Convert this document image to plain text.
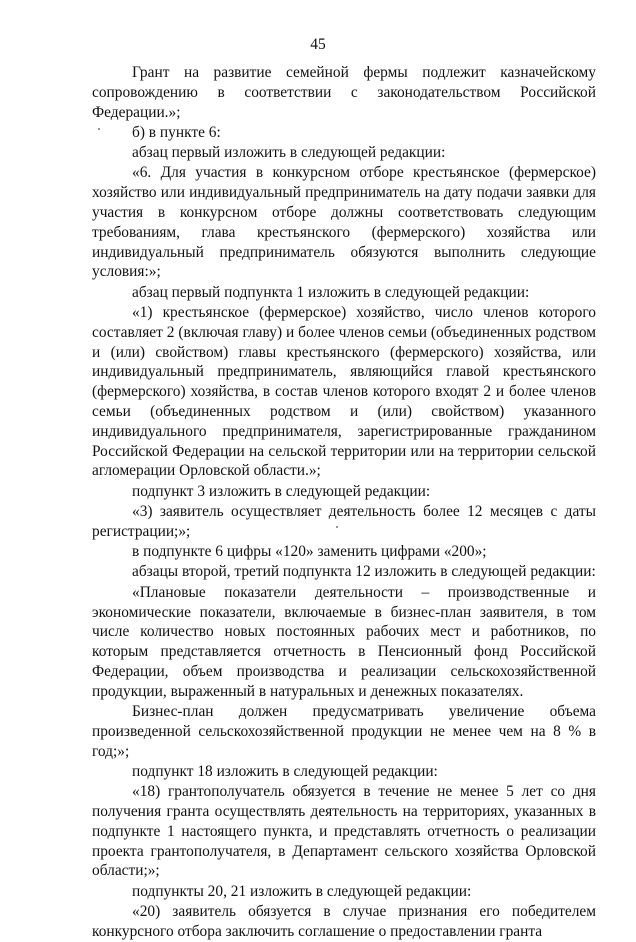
45

Грант на развитие семейной фермы подлежит казначейскому сопровождению в соответствии с законодательством Российской Федерации.»;

б) в пункте 6:

абзац первый изложить в следующей редакции:

«6. Для участия в конкурсном отборе крестьянское (фермерское) хозяйство или индивидуальный предприниматель на дату подачи заявки для участия в конкурсном отборе должны соответствовать следующим требованиям, глава крестьянского (фермерского) хозяйства или индивидуальный предприниматель обязуются выполнить следующие условия:»;

абзац первый подпункта 1 изложить в следующей редакции:

«1) крестьянское (фермерское) хозяйство, число членов которого составляет 2 (включая главу) и более членов семьи (объединенных родством и (или) свойством) главы крестьянского (фермерского) хозяйства, или индивидуальный предприниматель, являющийся главой крестьянского (фермерского) хозяйства, в состав членов которого входят 2 и более членов семьи (объединенных родством и (или) свойством) указанного индивидуального предпринимателя, зарегистрированные гражданином Российской Федерации на сельской территории или на территории сельской агломерации Орловской области.»;

подпункт 3 изложить в следующей редакции:

«3) заявитель осуществляет деятельность более 12 месяцев с даты регистрации;»;

в подпункте 6 цифры «120» заменить цифрами «200»;

абзацы второй, третий подпункта 12 изложить в следующей редакции:

«Плановые показатели деятельности – производственные и экономические показатели, включаемые в бизнес-план заявителя, в том числе количество новых постоянных рабочих мест и работников, по которым представляется отчетность в Пенсионный фонд Российской Федерации, объем производства и реализации сельскохозяйственной продукции, выраженный в натуральных и денежных показателях.

Бизнес-план должен предусматривать увеличение объема произведенной сельскохозяйственной продукции не менее чем на 8 % в год;»;

подпункт 18 изложить в следующей редакции:

«18) грантополучатель обязуется в течение не менее 5 лет со дня получения гранта осуществлять деятельность на территориях, указанных в подпункте 1 настоящего пункта, и представлять отчетность о реализации проекта грантополучателя, в Департамент сельского хозяйства Орловской области;»;

подпункты 20, 21 изложить в следующей редакции:

«20) заявитель обязуется в случае признания его победителем конкурсного отбора заключить соглашение о предоставлении гранта
